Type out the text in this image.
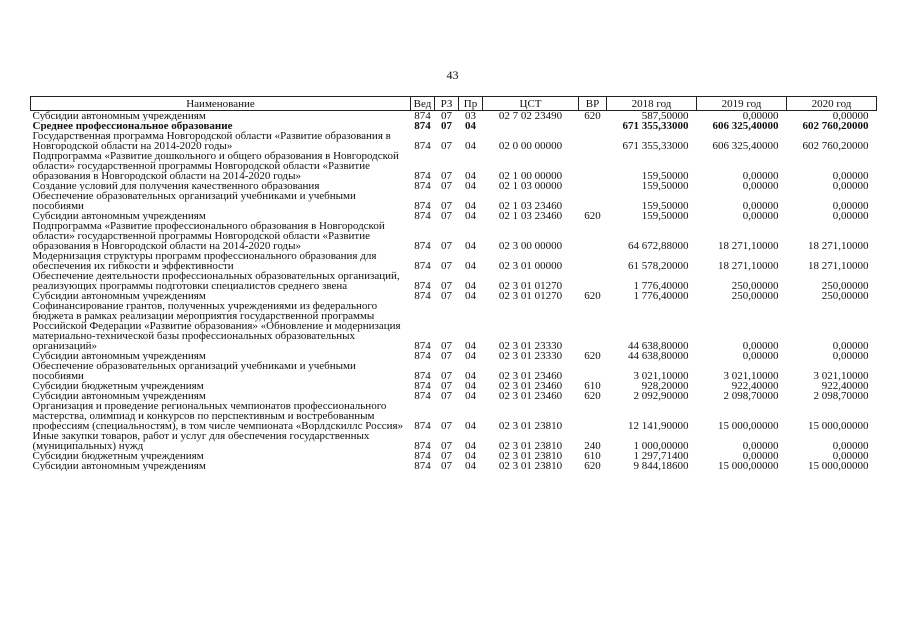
43
Наименование	Вед	РЗ	Пр	ЦСТ	ВР	2018 год	2019 год	2020 год
Субсидии автономным учреждениям	874	07	03	02 7 02 23490	620	587,50000	0,00000	0,00000
Среднее профессиональное образование	874	07	04			671 355,33000	606 325,40000	602 760,20000
Государственная программа Новгородской области «Развитие образования в Новгородской области на 2014-2020 годы»	874	07	04	02 0 00 00000		671 355,33000	606 325,40000	602 760,20000
Подпрограмма «Развитие дошкольного и общего образования в Новгородской области» государственной программы Новгородской области «Развитие образования в Новгородской области на 2014-2020 годы»	874	07	04	02 1 00 00000		159,50000	0,00000	0,00000
Создание условий для получения качественного образования	874	07	04	02 1 03 00000		159,50000	0,00000	0,00000
Обеспечение образовательных организаций учебниками и учебными пособиями	874	07	04	02 1 03 23460		159,50000	0,00000	0,00000
Субсидии автономным учреждениям	874	07	04	02 1 03 23460	620	159,50000	0,00000	0,00000
Подпрограмма «Развитие профессионального образования в Новгородской области» государственной программы Новгородской области «Развитие образования в Новгородской области на 2014-2020 годы»	874	07	04	02 3 00 00000		64 672,88000	18 271,10000	18 271,10000
Модернизация структуры программ профессионального образования для обеспечения их гибкости и эффективности	874	07	04	02 3 01 00000		61 578,20000	18 271,10000	18 271,10000
Обеспечение деятельности профессиональных образовательных организаций, реализующих программы подготовки специалистов среднего звена	874	07	04	02 3 01 01270		1 776,40000	250,00000	250,00000
Субсидии автономным учреждениям	874	07	04	02 3 01 01270	620	1 776,40000	250,00000	250,00000
Софинансирование грантов, полученных учреждениями из федерального бюджета в рамках реализации мероприятия государственной программы Российской Федерации «Развитие образования» «Обновление и модернизация материально-технической базы профессиональных образовательных организаций»	874	07	04	02 3 01 23330		44 638,80000	0,00000	0,00000
Субсидии автономным учреждениям	874	07	04	02 3 01 23330	620	44 638,80000	0,00000	0,00000
Обеспечение образовательных организаций учебниками и учебными пособиями	874	07	04	02 3 01 23460		3 021,10000	3 021,10000	3 021,10000
Субсидии бюджетным учреждениям	874	07	04	02 3 01 23460	610	928,20000	922,40000	922,40000
Субсидии автономным учреждениям	874	07	04	02 3 01 23460	620	2 092,90000	2 098,70000	2 098,70000
Организация и проведение региональных чемпионатов профессионального мастерства, олимпиад и конкурсов по перспективным и востребованным профессиям (специальностям), в том числе чемпионата «Ворлдскиллс Россия»	874	07	04	02 3 01 23810		12 141,90000	15 000,00000	15 000,00000
Иные закупки товаров, работ и услуг для обеспечения государственных (муниципальных) нужд	874	07	04	02 3 01 23810	240	1 000,00000	0,00000	0,00000
Субсидии бюджетным учреждениям	874	07	04	02 3 01 23810	610	1 297,71400	0,00000	0,00000
Субсидии автономным учреждениям	874	07	04	02 3 01 23810	620	9 844,18600	15 000,00000	15 000,00000
